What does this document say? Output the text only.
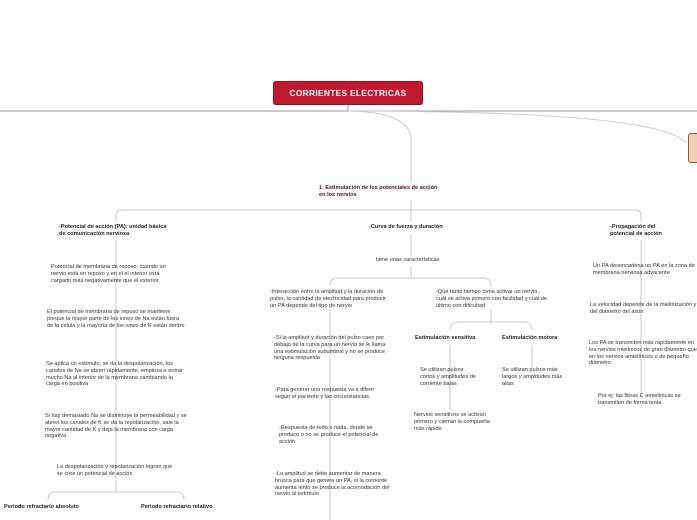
CORRIENTES ELECTRICAS
1. Estimulación de los potenciales de acción en los nervios
-Potencial de acción (PA): unidad básica de comunicación nerviosa
Potencial de membrana de reposo: cuando un nervio está en reposo y en el el interior está cargado más negativamente que el exterior
El potencial de membrana de reposo se mantiene porque la mayor parte de los iones de Na están fuera de la célula y la mayoría de los iones de K están dentro
Se aplica un estímulo, se da la despolarización, los canales de Na se abren rápidamente, empieza a entrar mucho Na al interior de la membrana cambiando la carga en positiva
Si hay demasiado Na se disminuye la permeabilidad y se abren los canales de K se da la repolarización, sale la mayor cantidad de K y deja la membrana con carga negativa
La despolarización y repolarización logran que se cree un potencial de acción
Periodo refractario absoluto	Periodo refractario relativo
-Curva de fuerza y duración
tiene unas características
-Interacción entre la amplitud y la duración de pulso, la cantidad de electricidad para producir un PA depende del tipo de nervio
-Si la amplitud y duración del pulso caen por debajo de la curva para un nervio se le llama una estimulación subumbral y no se produce ninguna respuesta
-Para generar una respuesta va a diferir según el paciente y las circunstancias
-Respuesta de todo o nada, donde se produce o no se produce el potencial de acción
-La amplitud se debe aumentar de manera brusca para que genere un PA, si la corriente aumenta lento se produce la acomodación del nervio al estímulo
-Qué tanto tiempo toma activar un nervio, cuál se activa primero con facilidad y cuál de último con dificultad
Estimulación sensitiva
Se utilizan pulsos cortos y amplitudes de corriente bajas
Nervios sensitivos se activan primero y cierran la compuerta más rápido
Estimulación motora
Se utilizan pulsos más largos y amplitudes más altas
-Propagación del potencial de acción
Un PA desencadena un PA en la zona de membrana nerviosa adyacente
La velocidad depende de la mielinización y del diámetro del axón
Los PA se transmiten más rápidamente en los nervios mielínicos de gran diámetro que en los nervios amielínicos o de pequeño diámetro.
Por ej: las fibras C amielínicas se transmiten de forma lenta
